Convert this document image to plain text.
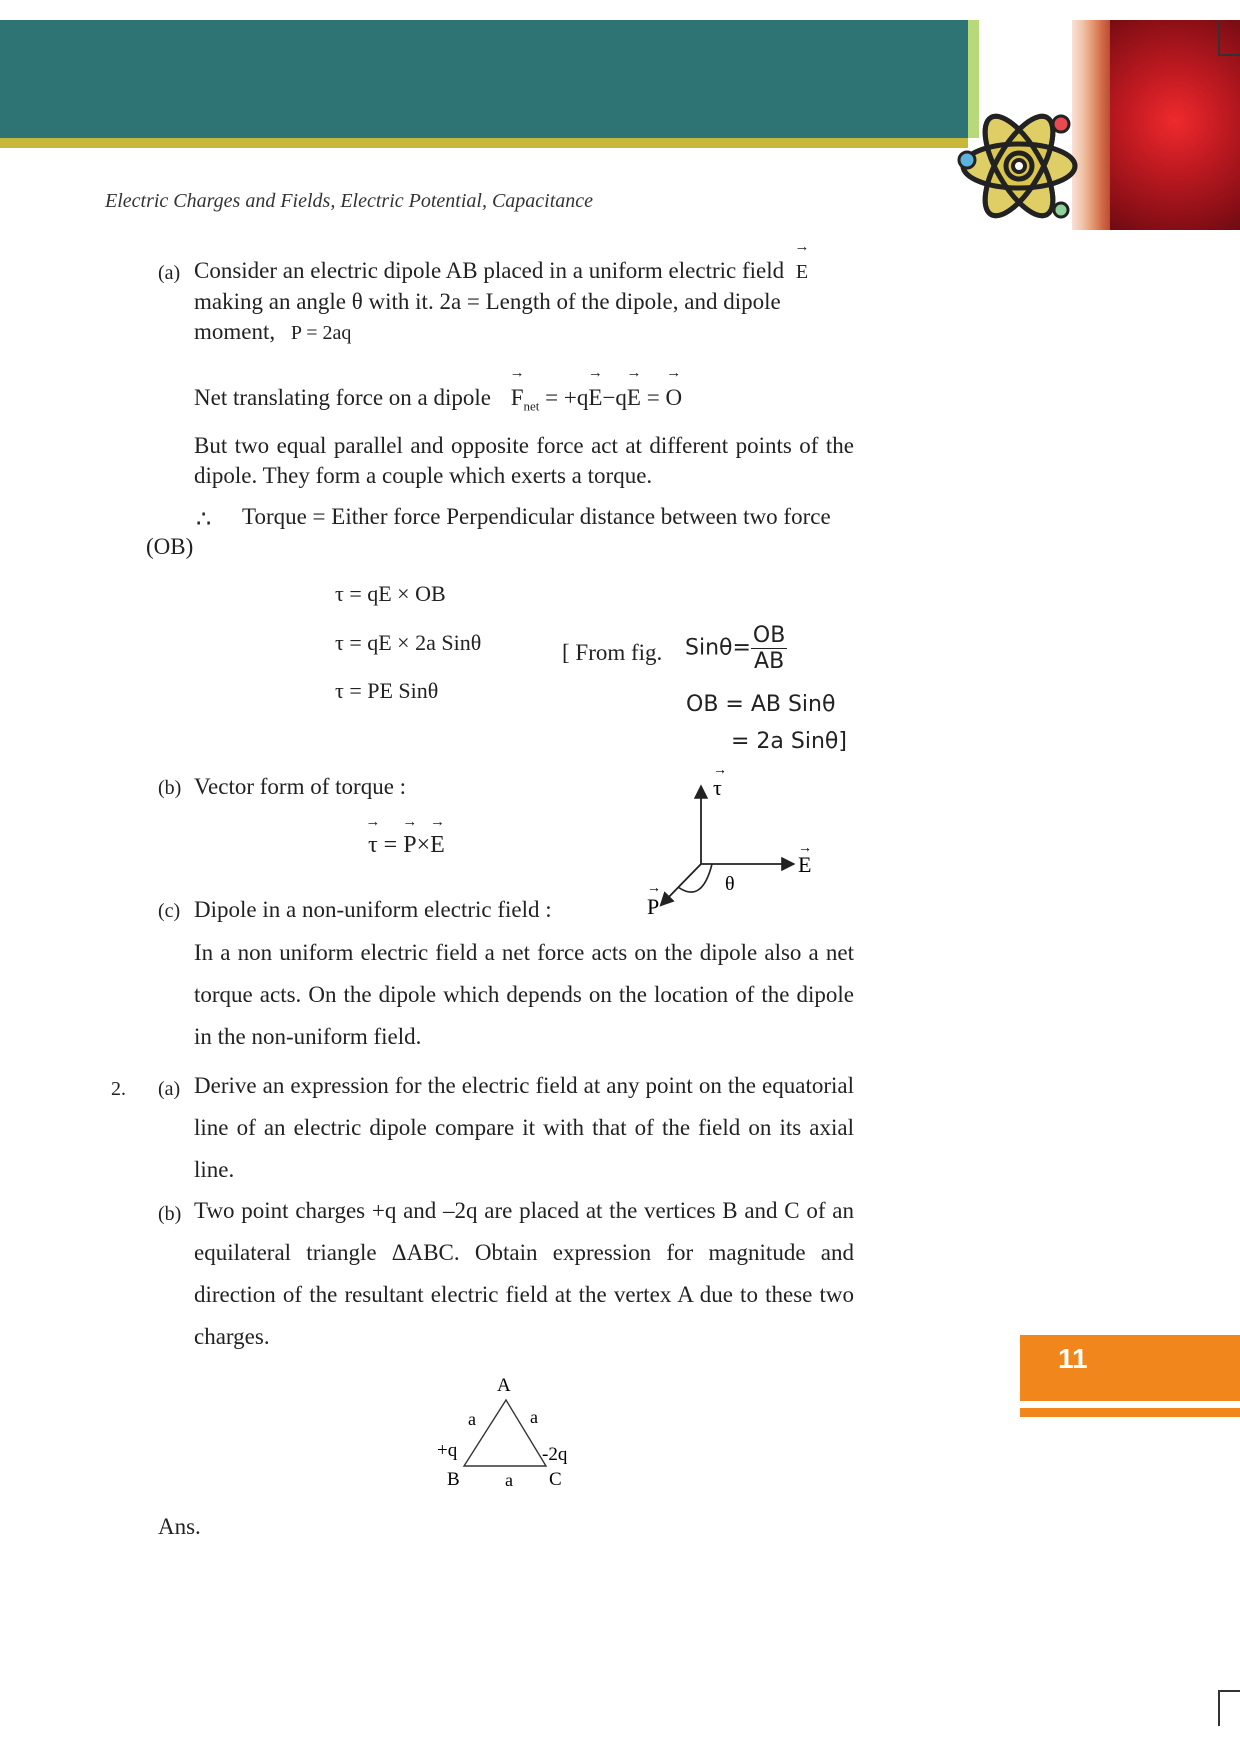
Electric Charges and Fields, Electric Potential, Capacitance
(a) Consider an electric dipole AB placed in a uniform electric field → E
making an angle θ with it. 2a = Length of the dipole, and dipole
moment, P = 2aq
Net translating force on a dipole → $F_{net} = +q\to E-q\to E$ = → O
But two equal parallel and opposite force act at different points of the dipole. They form a couple which exerts a torque.
∴	Torque = Either force Perpendicular distance between two force
(OB)
τ = qE × OB
τ = qE × 2a Sinθ
τ = PE Sinθ
[ From fig. $Sin\theta= \frac{OB}{AB}$
OB = AB Sinθ
= 2a Sinθ]
(b) Vector form of torque :
→ τ = → P×→ E
τ
→
E
→
θ
P
→
(c) Dipole in a non-uniform electric field :
In a non uniform electric field a net force acts on the dipole also a net torque acts. On the dipole which depends on the location of the dipole in the non-uniform field.
2. (a) Derive an expression for the electric field at any point on the equatorial line of an electric dipole compare it with that of the field on its axial line.
(b) Two point charges +q and –2q are placed at the vertices B and C of an equilateral triangle ΔABC. Obtain expression for magnitude and direction of the resultant electric field at the vertex A due to these two charges.
A
B	C
a	a
a
+q	-2q
Ans.
11
